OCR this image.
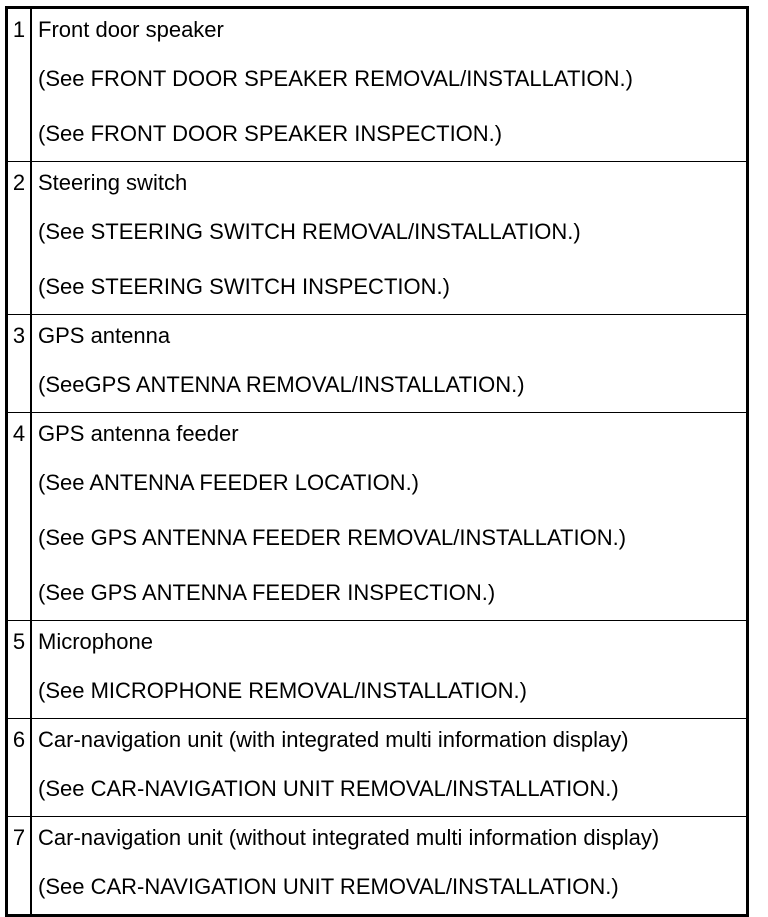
1	Front door speaker
(See FRONT DOOR SPEAKER REMOVAL/INSTALLATION.)
(See FRONT DOOR SPEAKER INSPECTION.)

2	Steering switch
(See STEERING SWITCH REMOVAL/INSTALLATION.)
(See STEERING SWITCH INSPECTION.)

3	GPS antenna
(SeeGPS ANTENNA REMOVAL/INSTALLATION.)

4	GPS antenna feeder
(See ANTENNA FEEDER LOCATION.)
(See GPS ANTENNA FEEDER REMOVAL/INSTALLATION.)
(See GPS ANTENNA FEEDER INSPECTION.)

5	Microphone
(See MICROPHONE REMOVAL/INSTALLATION.)

6	Car-navigation unit (with integrated multi information display)
(See CAR-NAVIGATION UNIT REMOVAL/INSTALLATION.)

7	Car-navigation unit (without integrated multi information display)
(See CAR-NAVIGATION UNIT REMOVAL/INSTALLATION.)
